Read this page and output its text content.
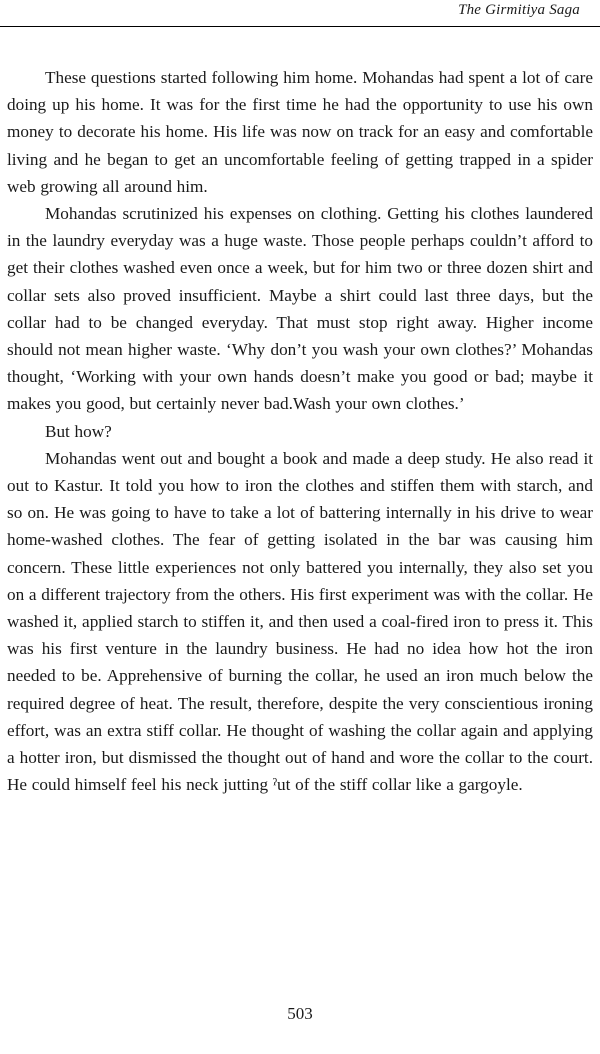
The Girmitiya Saga

These questions started following him home. Mohandas had spent a lot of care doing up his home. It was for the first time he had the opportunity to use his own money to decorate his home. His life was now on track for an easy and comfortable living and he began to get an uncomfortable feeling of getting trapped in a spider web growing all around him.

Mohandas scrutinized his expenses on clothing. Getting his clothes laundered in the laundry everyday was a huge waste. Those people perhaps couldn’t afford to get their clothes washed even once a week, but for him two or three dozen shirt and collar sets also proved insufficient. Maybe a shirt could last three days, but the collar had to be changed everyday. That must stop right away. Higher income should not mean higher waste. ‘Why don’t you wash your own clothes?’ Mohandas thought, ‘Working with your own hands doesn’t make you good or bad; maybe it makes you good, but certainly never bad.Wash your own clothes.’

But how?

Mohandas went out and bought a book and made a deep study. He also read it out to Kastur. It told you how to iron the clothes and stiffen them with starch, and so on. He was going to have to take a lot of battering internally in his drive to wear home-washed clothes. The fear of getting isolated in the bar was causing him concern. These little experiences not only battered you internally, they also set you on a different trajectory from the others. His first experiment was with the collar. He washed it, applied starch to stiffen it, and then used a coal-fired iron to press it. This was his first venture in the laundry business. He had no idea how hot the iron needed to be. Apprehensive of burning the collar, he used an iron much below the required degree of heat. The result, therefore, despite the very conscientious ironing effort, was an extra stiff collar. He thought of washing the collar again and applying a hotter iron, but dismissed the thought out of hand and wore the collar to the court. He could himself feel his neck jutting ˀut of the stiff collar like a gargoyle.

503
